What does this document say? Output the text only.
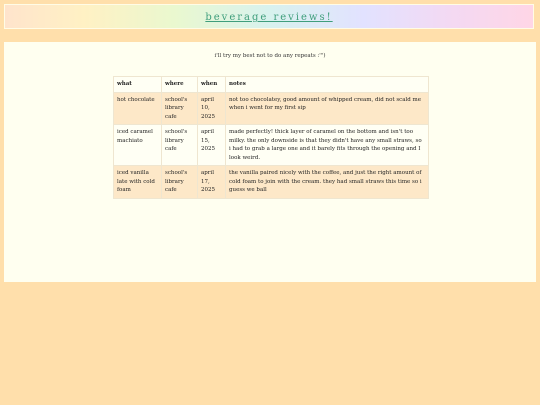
beverage reviews!
i'll try my best not to do any repeats :'")
what	where	when	notes
hot chocolate	school's library cafe	april 10, 2025	not too chocolatey, good amount of whipped cream, did not scald me when i went for my first sip
iced caramel machiato	school's library cafe	april 15, 2025	made perfectly! thick layer of caramel on the bottom and isn't too milky. the only downside is that they didn't have any small straws, so i had to grab a large one and it barely fits through the opening and I look weird.
iced vanilla late with cold foam	school's library cafe	april 17, 2025	the vanilla paired nicely with the coffee, and just the right amount of cold foam to join with the cream. they had small straws this time so i guess we ball
